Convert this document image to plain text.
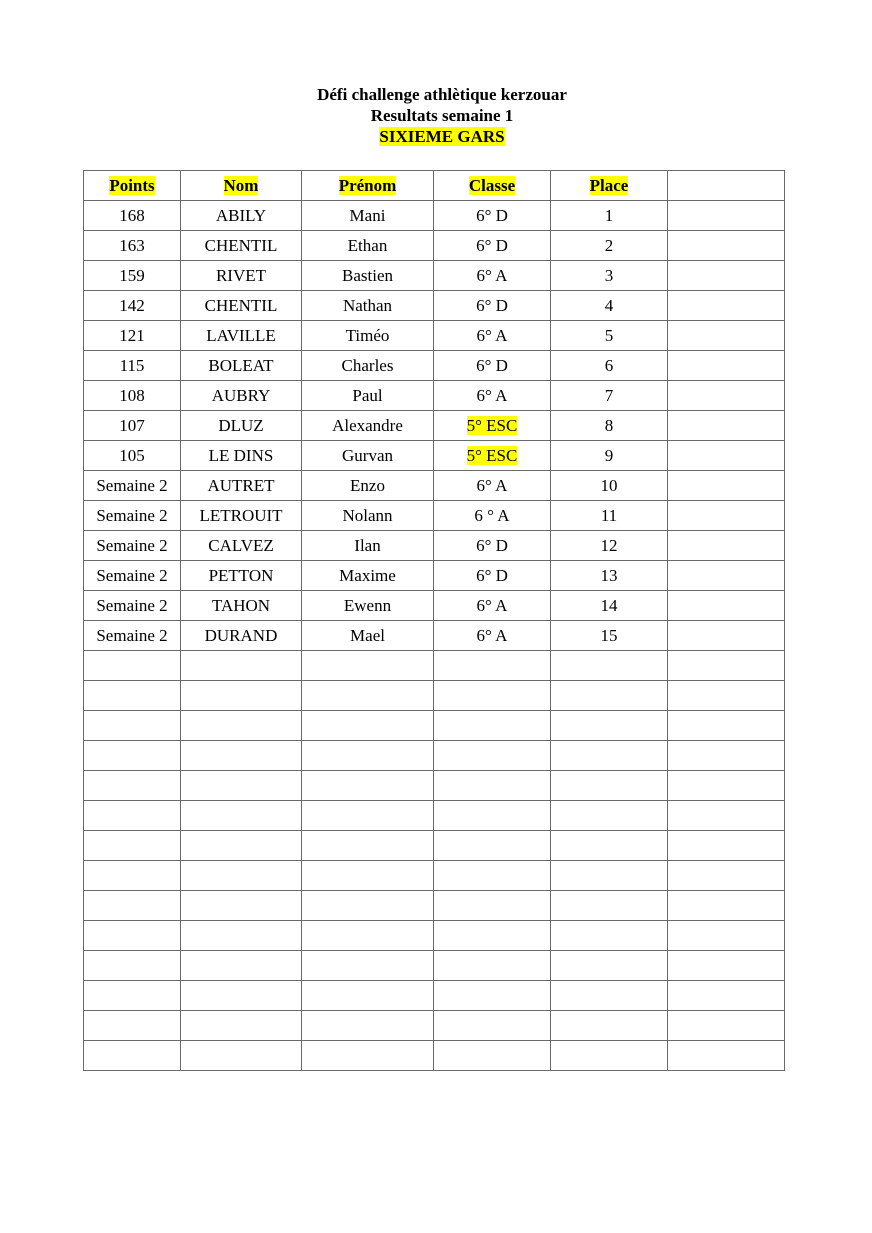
Défi challenge athlètique kerzouar
Resultats semaine 1
SIXIEME GARS
Points	Nom	Prénom	Classe	Place	
168	ABILY	Mani	6° D	1	
163	CHENTIL	Ethan	6° D	2	
159	RIVET	Bastien	6° A	3	
142	CHENTIL	Nathan	6° D	4	
121	LAVILLE	Timéo	6° A	5	
115	BOLEAT	Charles	6° D	6	
108	AUBRY	Paul	6° A	7	
107	DLUZ	Alexandre	5° ESC	8	
105	LE DINS	Gurvan	5° ESC	9	
Semaine 2	AUTRET	Enzo	6° A	10	
Semaine 2	LETROUIT	Nolann	6 ° A	11	
Semaine 2	CALVEZ	Ilan	6° D	12	
Semaine 2	PETTON	Maxime	6° D	13	
Semaine 2	TAHON	Ewenn	6° A	14	
Semaine 2	DURAND	Mael	6° A	15	
